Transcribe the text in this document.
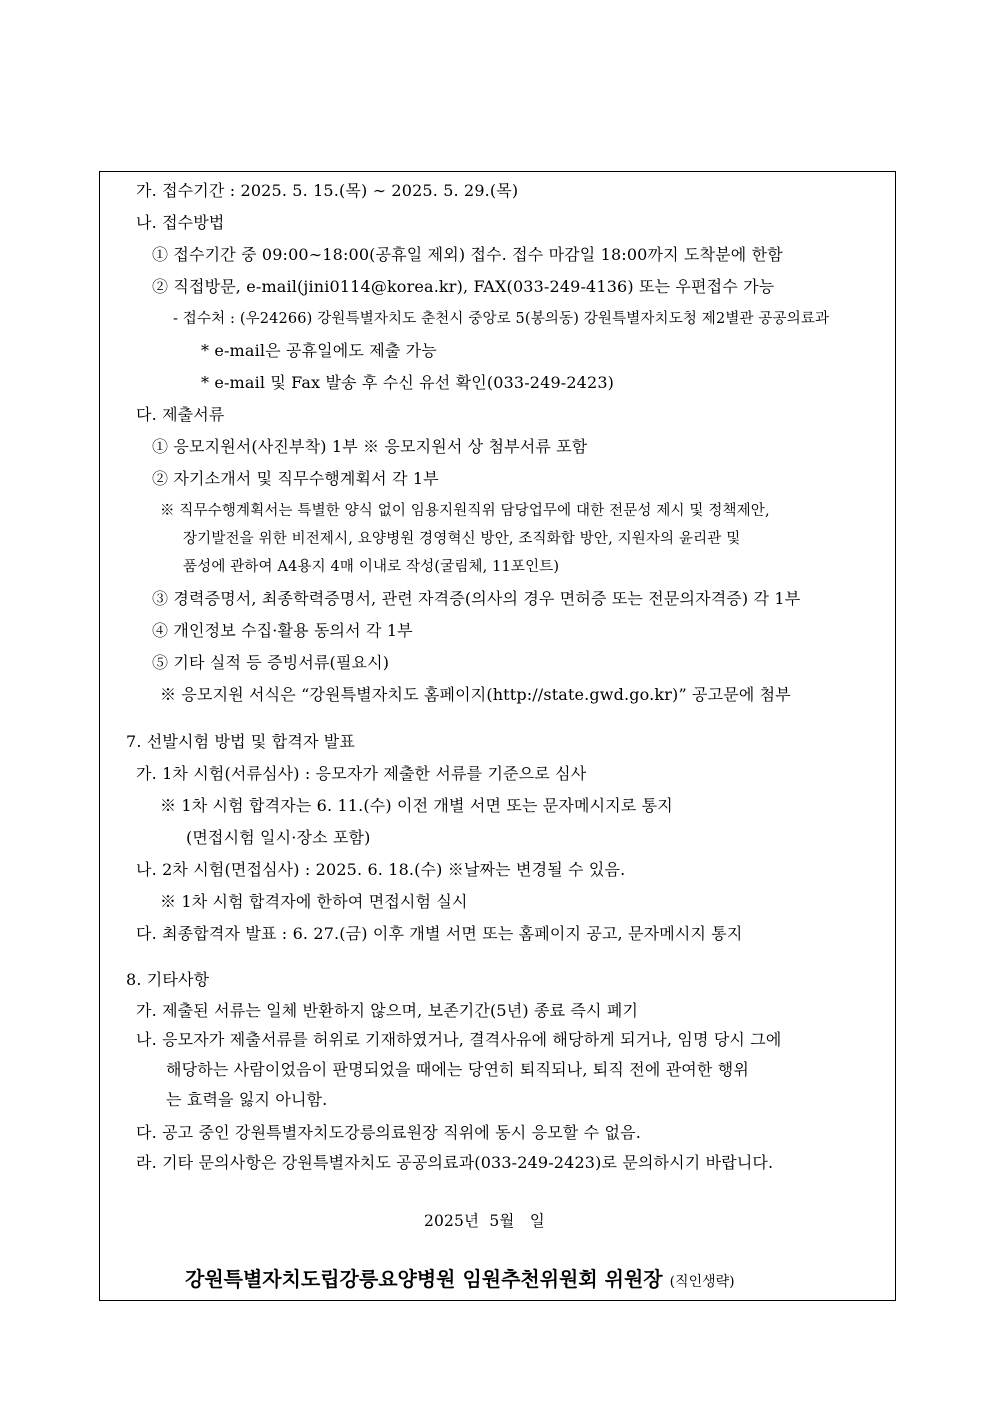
가. 접수기간 : 2025. 5. 15.(목) ∼ 2025. 5. 29.(목)
나. 접수방법
① 접수기간 중 09:00∼18:00(공휴일 제외) 접수. 접수 마감일 18:00까지 도착분에 한함
② 직접방문, e-mail(jini0114@korea.kr), FAX(033-249-4136) 또는 우편접수 가능
- 접수처 : (우24266) 강원특별자치도 춘천시 중앙로 5(봉의동) 강원특별자치도청 제2별관 공공의료과
* e-mail은 공휴일에도 제출 가능
* e-mail 및 Fax 발송 후 수신 유선 확인(033-249-2423)
다. 제출서류
① 응모지원서(사진부착) 1부 ※ 응모지원서 상 첨부서류 포함
② 자기소개서 및 직무수행계획서 각 1부
※ 직무수행계획서는 특별한 양식 없이 임용지원직위 담당업무에 대한 전문성 제시 및 정책제안,
장기발전을 위한 비전제시, 요양병원 경영혁신 방안, 조직화합 방안, 지원자의 윤리관 및
품성에 관하여 A4용지 4매 이내로 작성(굴림체, 11포인트)
③ 경력증명서, 최종학력증명서, 관련 자격증(의사의 경우 면허증 또는 전문의자격증) 각 1부
④ 개인정보 수집·활용 동의서 각 1부
⑤ 기타 실적 등 증빙서류(필요시)
※ 응모지원 서식은 “강원특별자치도 홈페이지(http://state.gwd.go.kr)” 공고문에 첨부
7. 선발시험 방법 및 합격자 발표
가. 1차 시험(서류심사) : 응모자가 제출한 서류를 기준으로 심사
※ 1차 시험 합격자는 6. 11.(수) 이전 개별 서면 또는 문자메시지로 통지
(면접시험 일시·장소 포함)
나. 2차 시험(면접심사) : 2025. 6. 18.(수) ※날짜는 변경될 수 있음.
※ 1차 시험 합격자에 한하여 면접시험 실시
다. 최종합격자 발표 : 6. 27.(금) 이후 개별 서면 또는 홈페이지 공고, 문자메시지 통지
8. 기타사항
가. 제출된 서류는 일체 반환하지 않으며, 보존기간(5년) 종료 즉시 폐기
나. 응모자가 제출서류를 허위로 기재하였거나, 결격사유에 해당하게 되거나, 임명 당시 그에
해당하는 사람이었음이 판명되었을 때에는 당연히 퇴직되나, 퇴직 전에 관여한 행위
는 효력을 잃지 아니함.
다. 공고 중인 강원특별자치도강릉의료원장 직위에 동시 응모할 수 없음.
라. 기타 문의사항은 강원특별자치도 공공의료과(033-249-2423)로 문의하시기 바랍니다.
2025년  5월   일
강원특별자치도립강릉요양병원 임원추천위원회 위원장 (직인생략)
